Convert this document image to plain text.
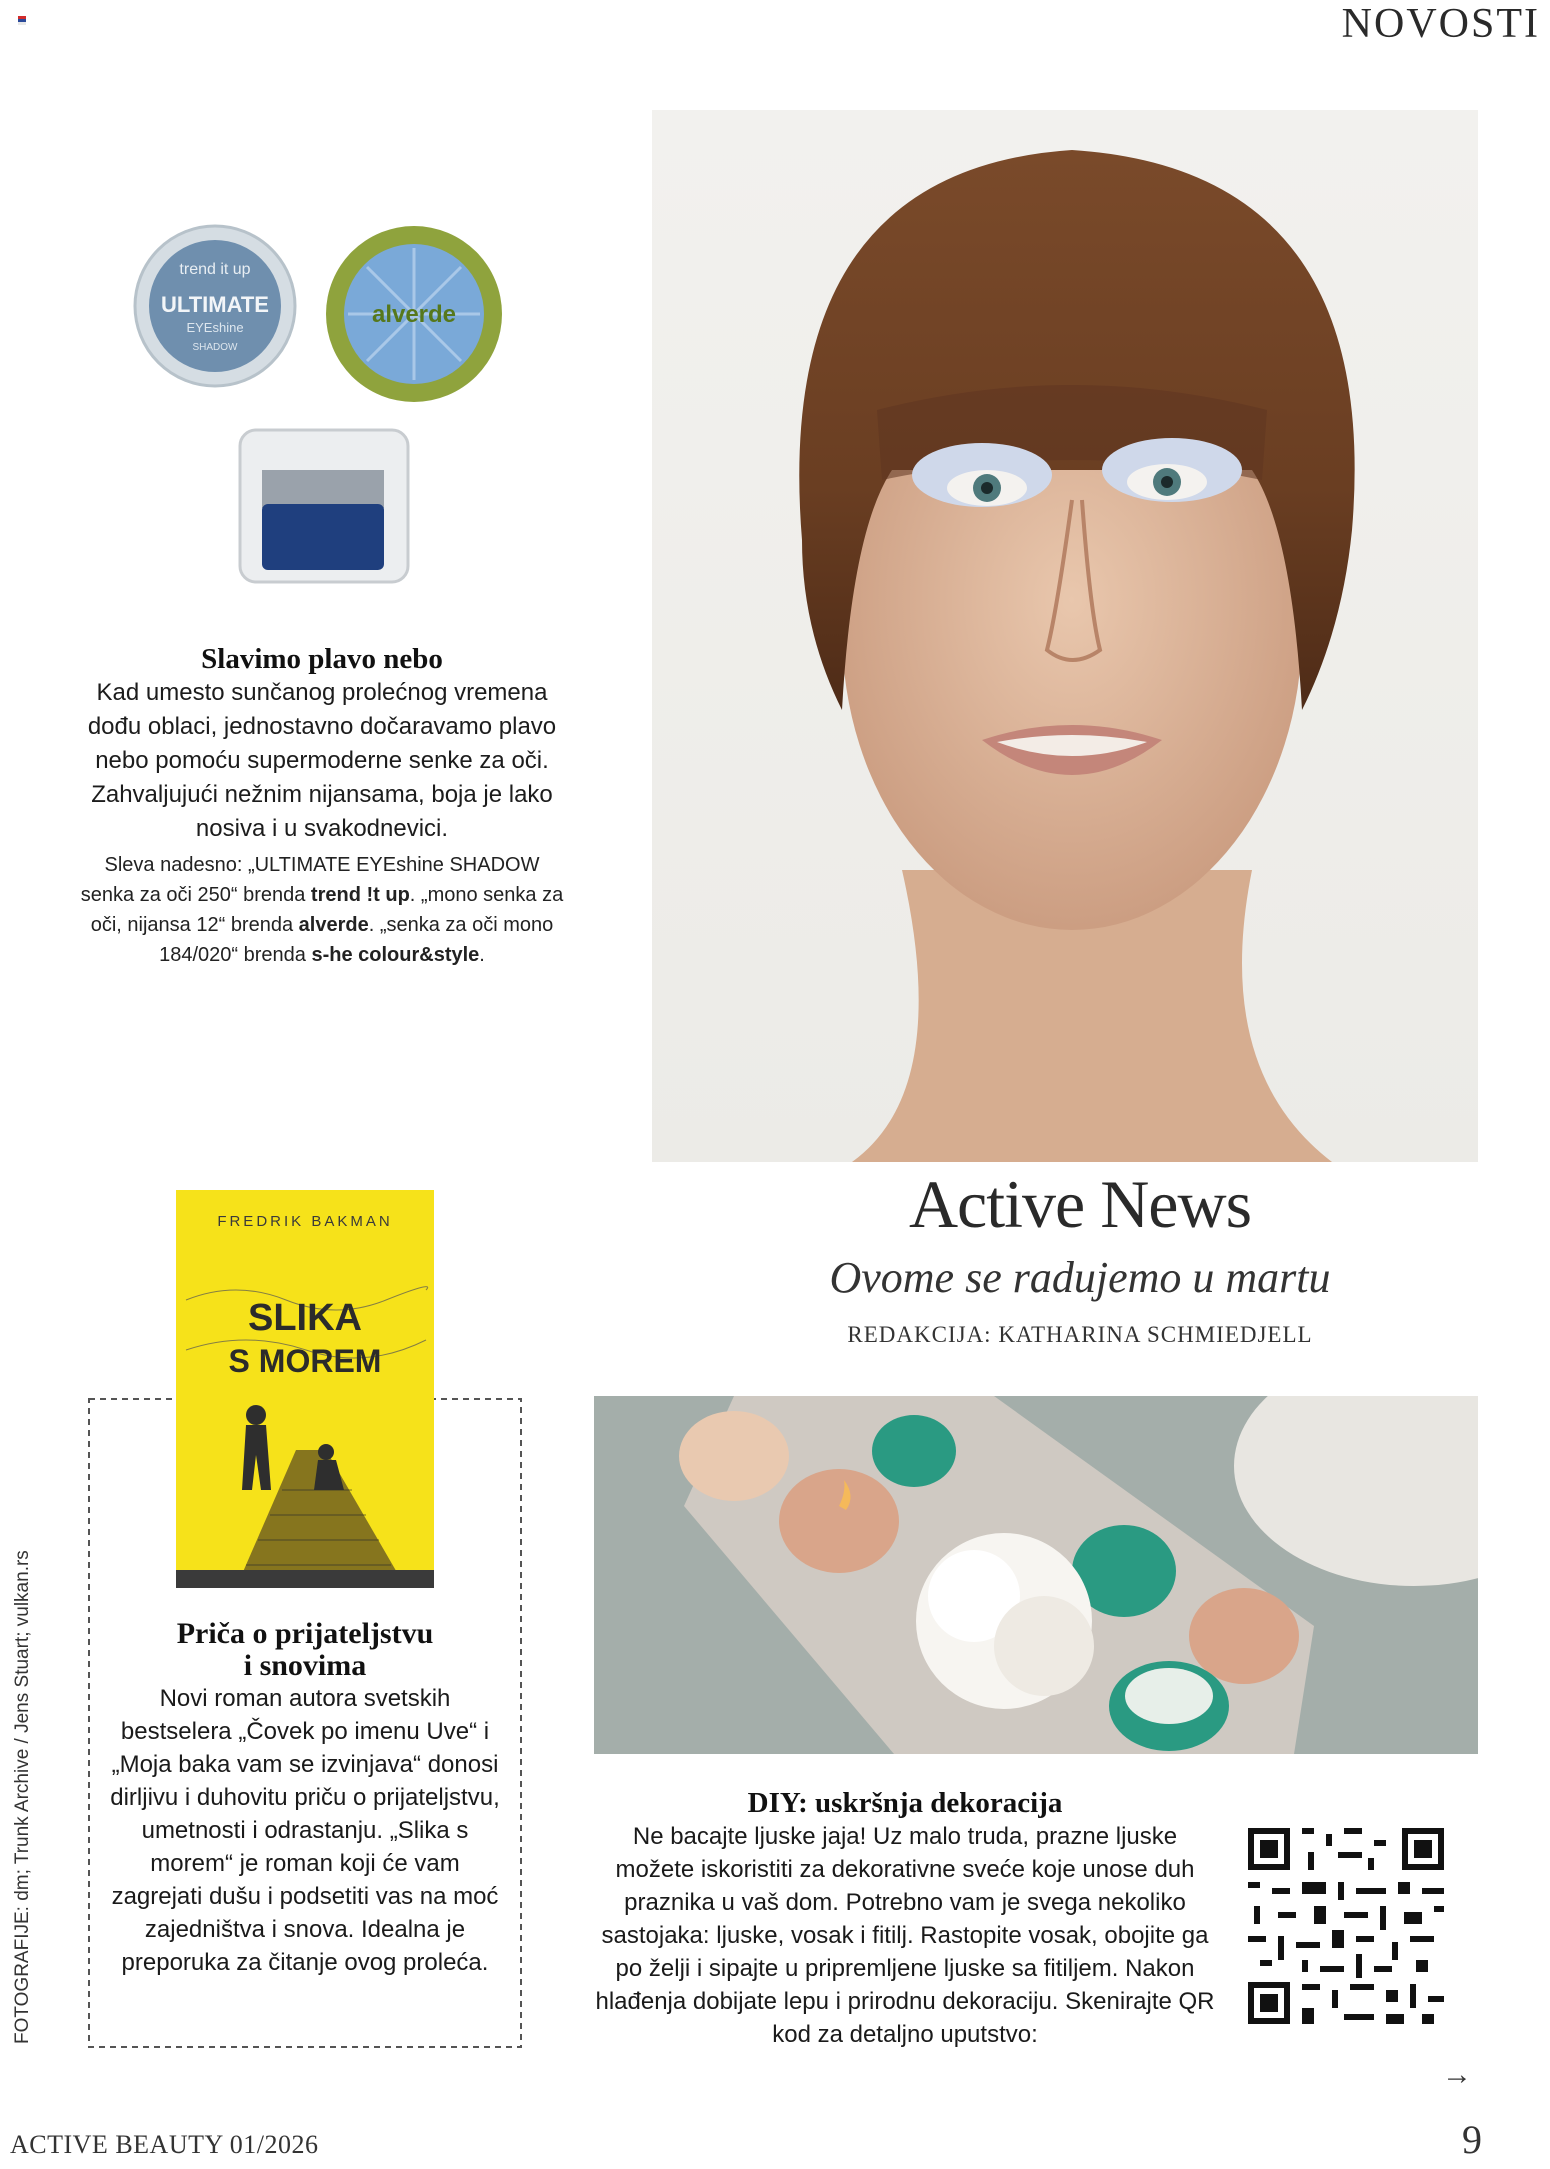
NOVOSTI
trend it up
ULTIMATE
EYEshine
SHADOW
alverde
Slavimo plavo nebo
Kad umesto sunčanog prolećnog vremena dođu oblaci, jednostavno dočaravamo plavo nebo pomoću supermoderne senke za oči. Zahvaljujući nežnim nijansama, boja je lako nosiva i u svakodnevici.
Sleva nadesno: „ULTIMATE EYEshine SHADOW senka za oči 250“ brenda trend !t up. „mono senka za oči, nijansa 12“ brenda alverde. „senka za oči mono 184/020“ brenda s-he colour&style.
Active News
Ovome se radujemo u martu
REDAKCIJA: KATHARINA SCHMIEDJELL
FREDRIK BAKMAN
SLIKA
S MOREM
Priča o prijateljstvu
i snovima
Novi roman autora svetskih bestselera „Čovek po imenu Uve“ i „Moja baka vam se izvinjava“ donosi dirljivu i duhovitu priču o prijateljstvu, umetnosti i odrastanju. „Slika s morem“ je roman koji će vam zagrejati dušu i podsetiti vas na moć zajedništva i snova. Idealna je preporuka za čitanje ovog proleća.
DIY: uskršnja dekoracija
Ne bacajte ljuske jaja! Uz malo truda, prazne ljuske možete iskoristiti za dekorativne sveće koje unose duh praznika u vaš dom. Potrebno vam je svega nekoliko sastojaka: ljuske, vosak i fitilj. Rastopite vosak, obojite ga po želji i sipajte u pripremljene ljuske sa fitiljem. Nakon hlađenja dobijate lepu i prirodnu dekoraciju. Skenirajte QR kod za detaljno uputstvo:
→
ACTIVE BEAUTY 01/2026	9
FOTOGRAFIJE: dm; Trunk Archive / Jens Stuart; vulkan.rs
